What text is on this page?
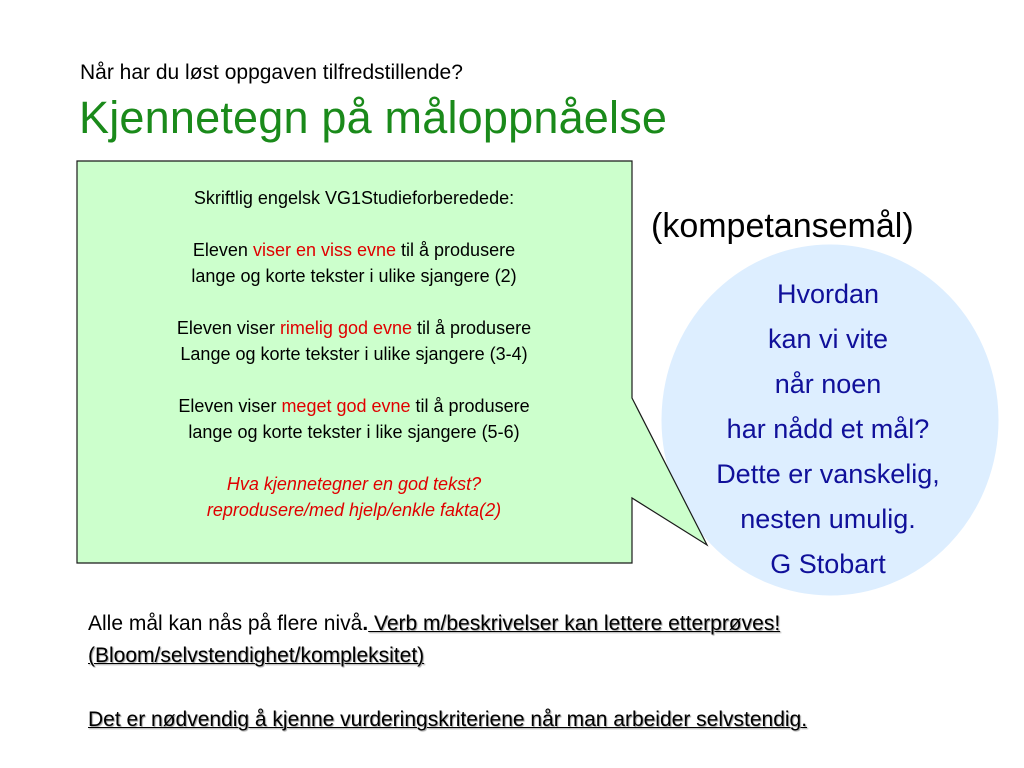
Når har du løst oppgaven tilfredstillende?
Kjennetegn på måloppnåelse
Skriftlig engelsk VG1Studieforberedede:
Eleven viser en viss evne til å produsere
lange og korte tekster i ulike sjangere (2)
Eleven viser rimelig god evne til å produsere
Lange og korte tekster i ulike sjangere (3-4)
Eleven viser meget god evne til å produsere
lange og korte tekster i like sjangere (5-6)
Hva kjennetegner en god tekst?
reprodusere/med hjelp/enkle fakta(2)
(kompetansemål)
Hvordan
kan vi vite
når noen
har nådd et mål?
Dette er vanskelig,
nesten umulig.
G Stobart
Alle mål kan nås på flere nivå. Verb m/beskrivelser kan lettere etterprøves!
(Bloom/selvstendighet/kompleksitet)
Det er nødvendig å kjenne vurderingskriteriene når man arbeider selvstendig.
